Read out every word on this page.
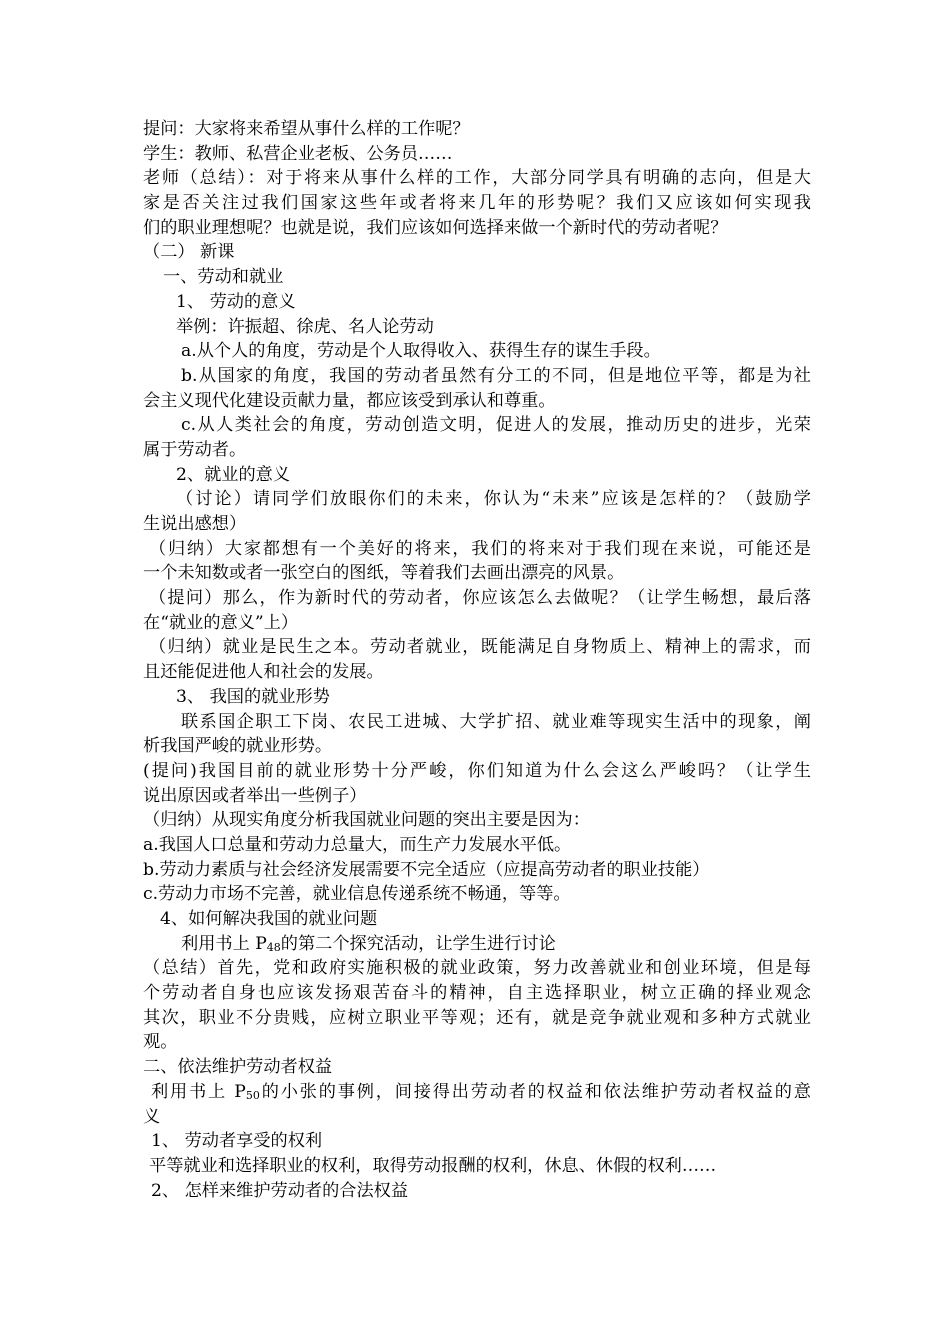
提问：大家将来希望从事什么样的工作呢？
学生：教师、私营企业老板、公务员……
老师（总结）：对于将来从事什么样的工作，大部分同学具有明确的志向，但是大
家是否关注过我们国家这些年或者将来几年的形势呢？我们又应该如何实现我
们的职业理想呢？也就是说，我们应该如何选择来做一个新时代的劳动者呢？
（二） 新课
一、劳动和就业
1、 劳动的意义
举例：许振超、徐虎、名人论劳动
a.从个人的角度，劳动是个人取得收入、获得生存的谋生手段。
b.从国家的角度，我国的劳动者虽然有分工的不同，但是地位平等，都是为社
会主义现代化建设贡献力量，都应该受到承认和尊重。
c.从人类社会的角度，劳动创造文明，促进人的发展，推动历史的进步，光荣
属于劳动者。
2、就业的意义
（讨论）请同学们放眼你们的未来，你认为“未来”应该是怎样的？（鼓励学
生说出感想）
（归纳）大家都想有一个美好的将来，我们的将来对于我们现在来说，可能还是
一个未知数或者一张空白的图纸，等着我们去画出漂亮的风景。
（提问）那么，作为新时代的劳动者，你应该怎么去做呢？（让学生畅想，最后落
在“就业的意义”上）
（归纳）就业是民生之本。劳动者就业，既能满足自身物质上、精神上的需求，而
且还能促进他人和社会的发展。
3、 我国的就业形势
联系国企职工下岗、农民工进城、大学扩招、就业难等现实生活中的现象，阐
析我国严峻的就业形势。
(提问)我国目前的就业形势十分严峻，你们知道为什么会这么严峻吗？（让学生
说出原因或者举出一些例子）
（归纳）从现实角度分析我国就业问题的突出主要是因为：
a.我国人口总量和劳动力总量大，而生产力发展水平低。
b.劳动力素质与社会经济发展需要不完全适应（应提高劳动者的职业技能）
c.劳动力市场不完善，就业信息传递系统不畅通，等等。
4、如何解决我国的就业问题
利用书上 $P_{48}$的第二个探究活动，让学生进行讨论
（总结）首先，党和政府实施积极的就业政策，努力改善就业和创业环境，但是每
个劳动者自身也应该发扬艰苦奋斗的精神，自主选择职业，树立正确的择业观念
其次，职业不分贵贱，应树立职业平等观；还有，就是竞争就业观和多种方式就业
观。
二、依法维护劳动者权益
利用书上 $P_{50}$的小张的事例，间接得出劳动者的权益和依法维护劳动者权益的意
义
1、 劳动者享受的权利
平等就业和选择职业的权利，取得劳动报酬的权利，休息、休假的权利……
2、 怎样来维护劳动者的合法权益
